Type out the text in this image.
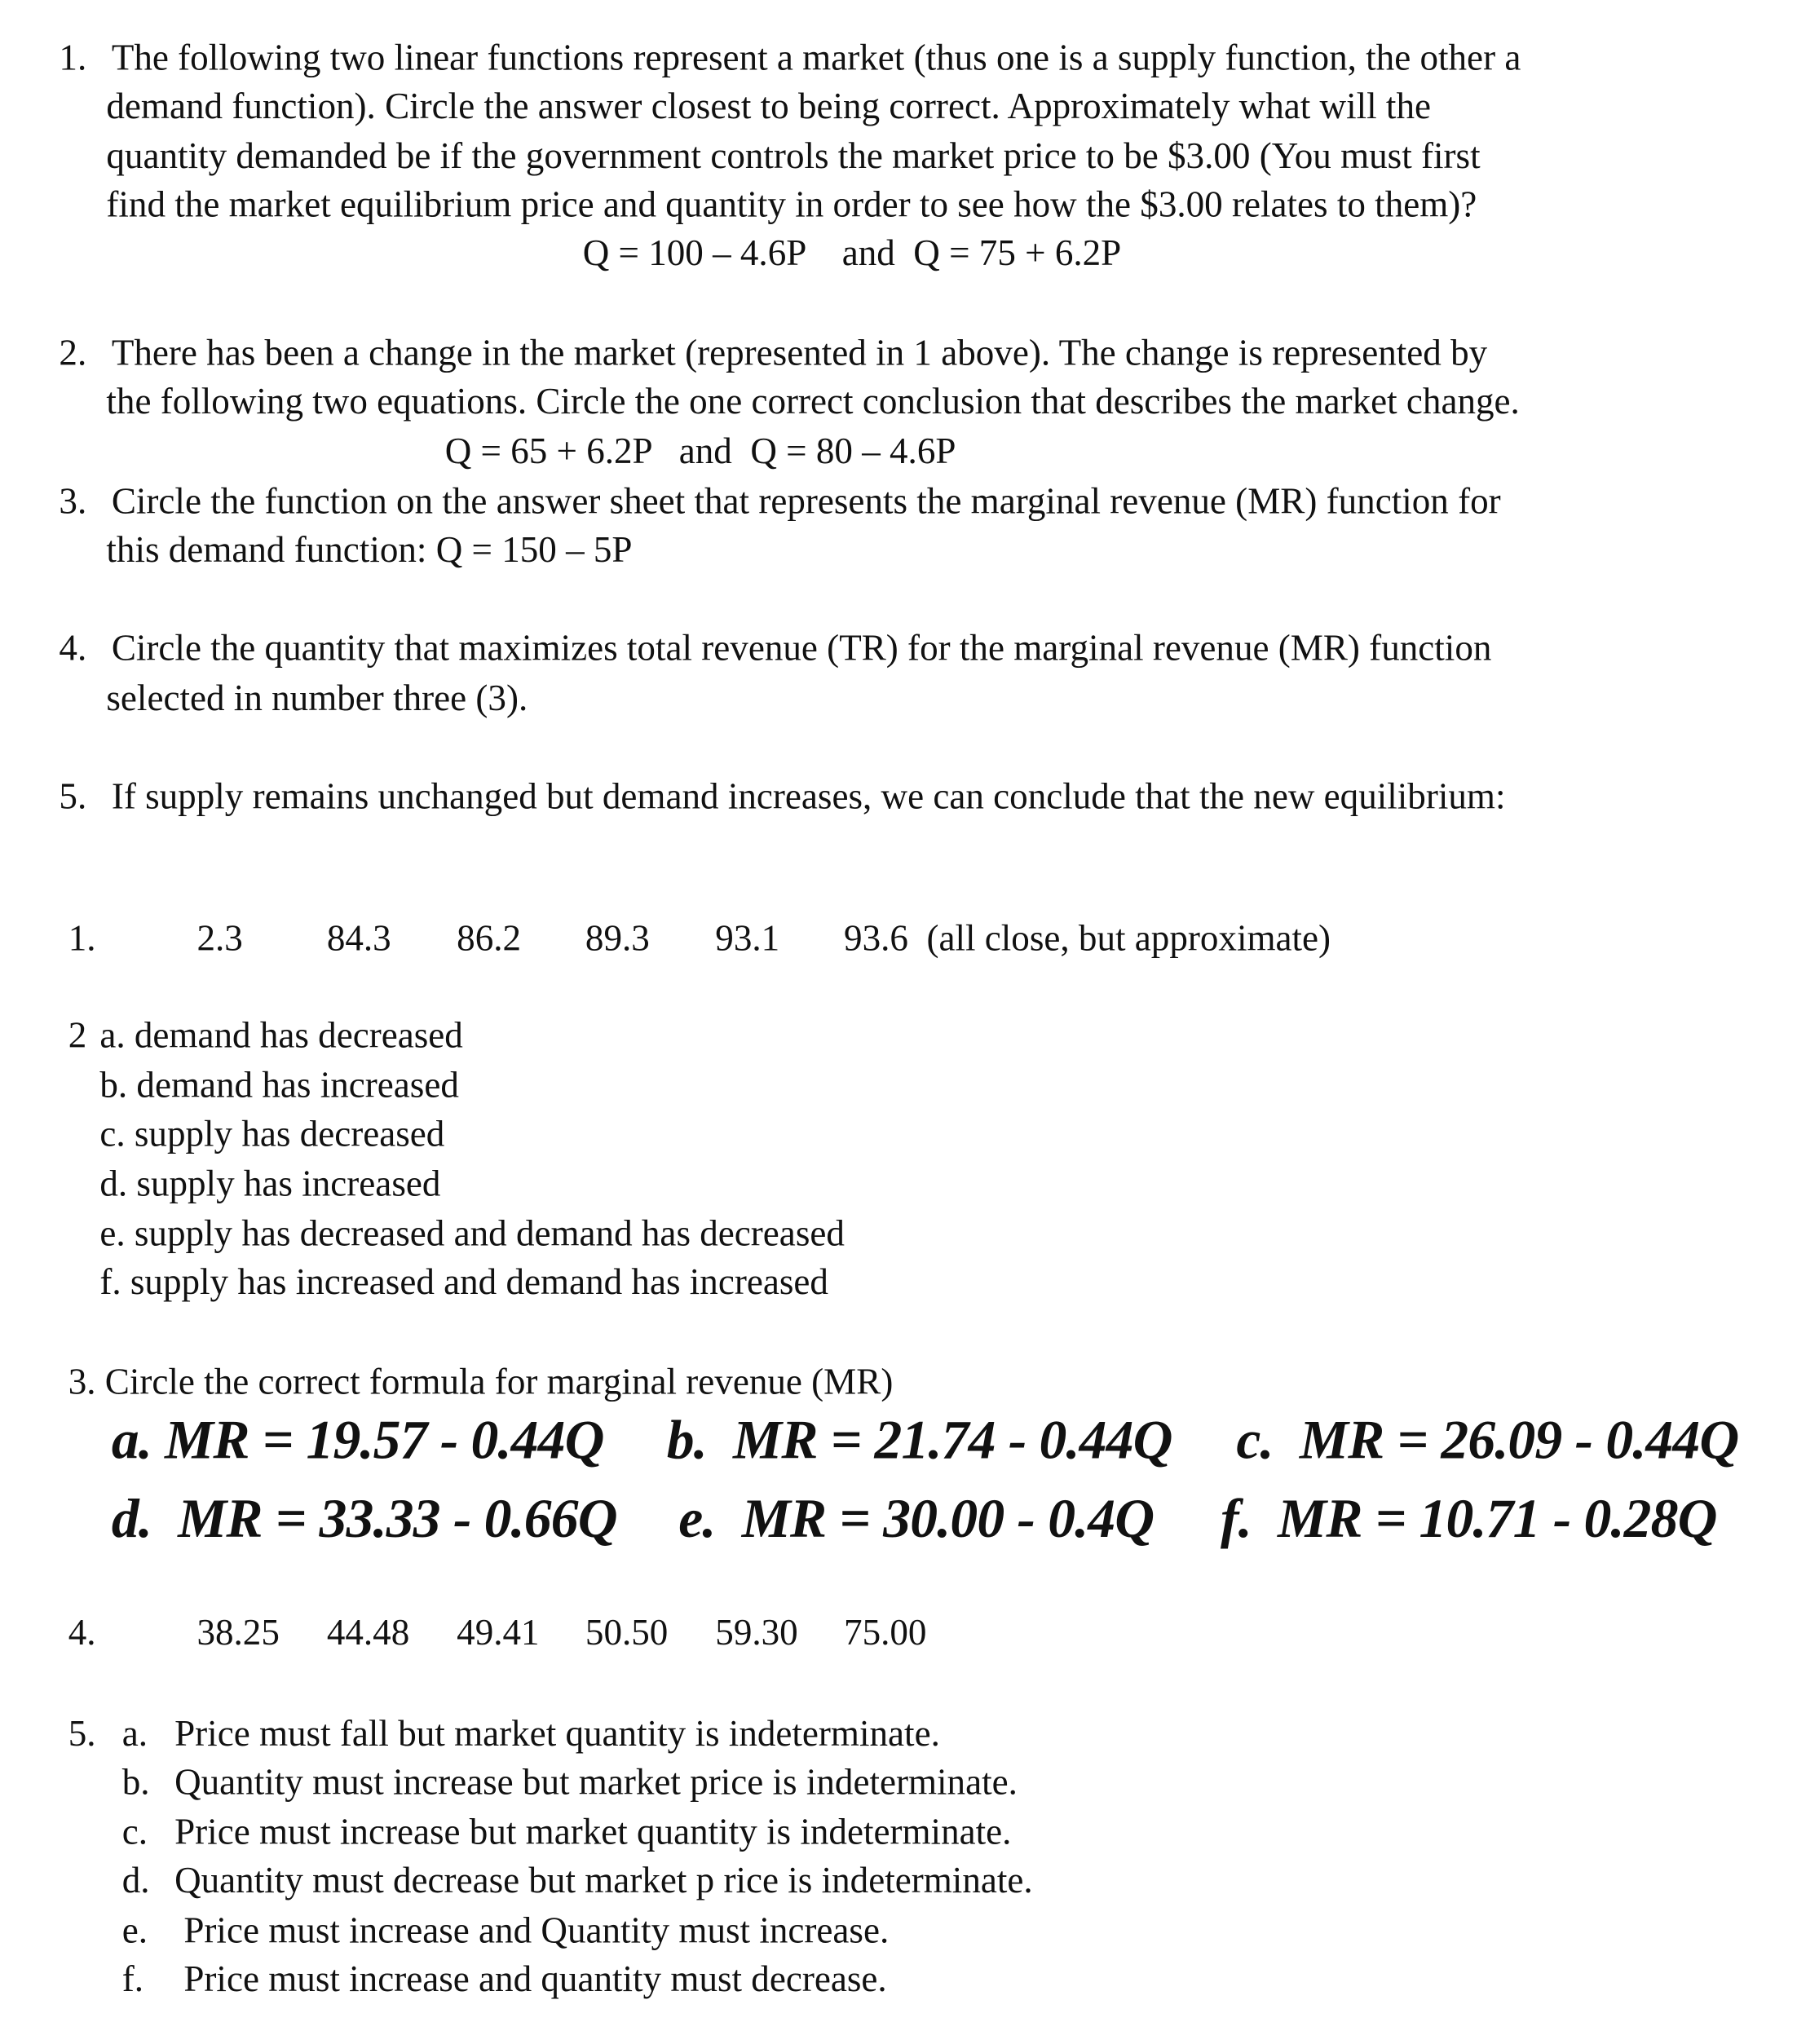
1. The following two linear functions represent a market (thus one is a supply function, the other a
demand function). Circle the answer closest to being correct. Approximately what will the
quantity demanded be if the government controls the market price to be $3.00 (You must first
find the market equilibrium price and quantity in order to see how the $3.00 relates to them)?
Q = 100 – 4.6P    and  Q = 75 + 6.2P
2. There has been a change in the market (represented in 1 above). The change is represented by
the following two equations. Circle the one correct conclusion that describes the market change.
Q = 65 + 6.2P   and  Q = 80 – 4.6P
3. Circle the function on the answer sheet that represents the marginal revenue (MR) function for
this demand function: Q = 150 – 5P
4. Circle the quantity that maximizes total revenue (TR) for the marginal revenue (MR) function
selected in number three (3).
5. If supply remains unchanged but demand increases, we can conclude that the new equilibrium:
1.	2.3	84.3	86.2	89.3	93.1	93.6  (all close, but approximate)
2 a. demand has decreased
b. demand has increased
c. supply has decreased
d. supply has increased
e. supply has decreased and demand has decreased
f. supply has increased and demand has increased
3. Circle the correct formula for marginal revenue (MR)
a. MR = 19.57 - 0.44Q b.  MR = 21.74 - 0.44Q c.  MR = 26.09 - 0.44Q
d.  MR = 33.33 - 0.66Q e.  MR = 30.00 - 0.4Q f.  MR = 10.71 - 0.28Q
4.	38.25 44.48 49.41 50.50 59.30 75.00
5. a. Price must fall but market quantity is indeterminate.
b. Quantity must increase but market price is indeterminate.
c. Price must increase but market quantity is indeterminate.
d. Quantity must decrease but market p rice is indeterminate.
e. Price must increase and Quantity must increase.
f. Price must increase and quantity must decrease.
